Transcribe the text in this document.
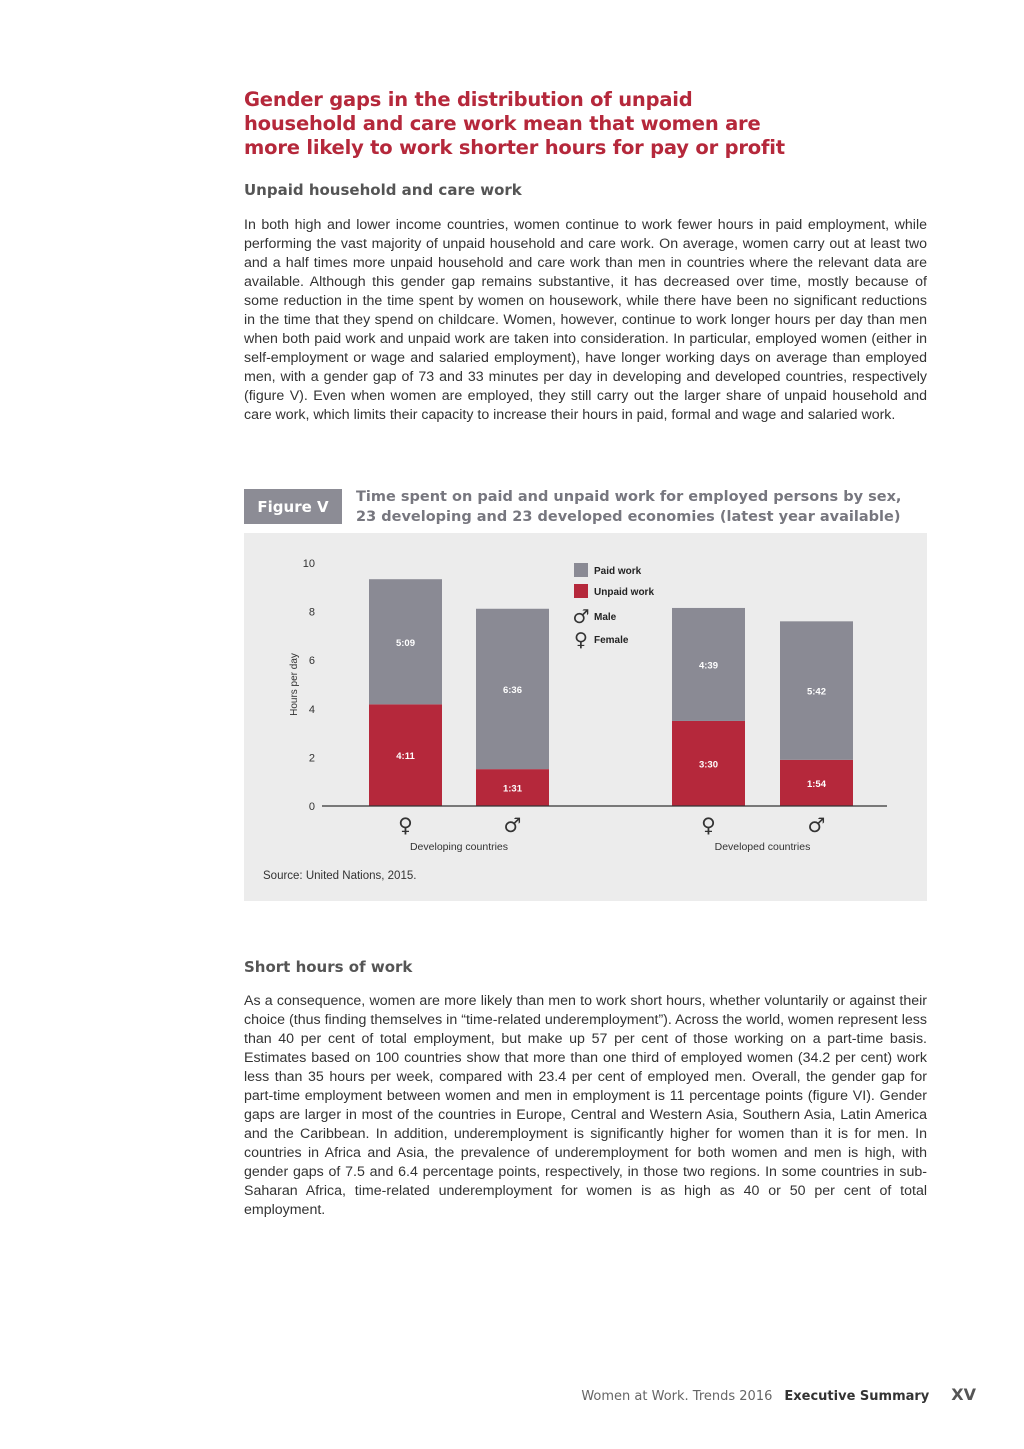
Gender gaps in the distribution of unpaid household and care work mean that women are more likely to work shorter hours for pay or profit
Unpaid household and care work

In both high and lower income countries, women continue to work fewer hours in paid employment, while performing the vast majority of unpaid household and care work. On average, women carry out at least two and a half times more unpaid household and care work than men in countries where the relevant data are available. Although this gender gap remains substantive, it has decreased over time, mostly because of some reduction in the time spent by women on housework, while there have been no significant reductions in the time that they spend on childcare. Women, however, continue to work longer hours per day than men when both paid work and unpaid work are taken into consideration. In particular, employed women (either in self-employment or wage and salaried employment), have longer working days on average than employed men, with a gender gap of 73 and 33 minutes per day in developing and developed countries, respectively (figure V). Even when women are employed, they still carry out the larger share of unpaid household and care work, which limits their capacity to increase their hours in paid, formal and wage and salaried work.

Figure V
Time spent on paid and unpaid work for employed persons by sex, 23 developing and 23 developed economies (latest year available)
0
2
4
6
8
10
Hours per day
4:11
5:09
♀
1:31
6:36
♂
3:30
4:39
♀
1:54
5:42
♂
Developing countries	Developed countries
Paid work
Unpaid work
♂ Male
♀ Female

Source: United Nations, 2015.

Short hours of work

As a consequence, women are more likely than men to work short hours, whether voluntarily or against their choice (thus finding themselves in “time-related underemployment”). Across the world, women represent less than 40 per cent of total employment, but make up 57 per cent of those working on a part-time basis. Estimates based on 100 countries show that more than one third of employed women (34.2 per cent) work less than 35 hours per week, compared with 23.4 per cent of employed men. Overall, the gender gap for part-time employment between women and men in employment is 11 percentage points (figure VI). Gender gaps are larger in most of the countries in Europe, Central and Western Asia, Southern Asia, Latin America and the Caribbean. In addition, underemployment is significantly higher for women than it is for men. In countries in Africa and Asia, the prevalence of underemployment for both women and men is high, with gender gaps of 7.5 and 6.4 percentage points, respectively, in those two regions. In some countries in sub-Saharan Africa, time-related underemployment for women is as high as 40 or 50 per cent of total employment.

Women at Work. Trends 2016 Executive Summary XV
